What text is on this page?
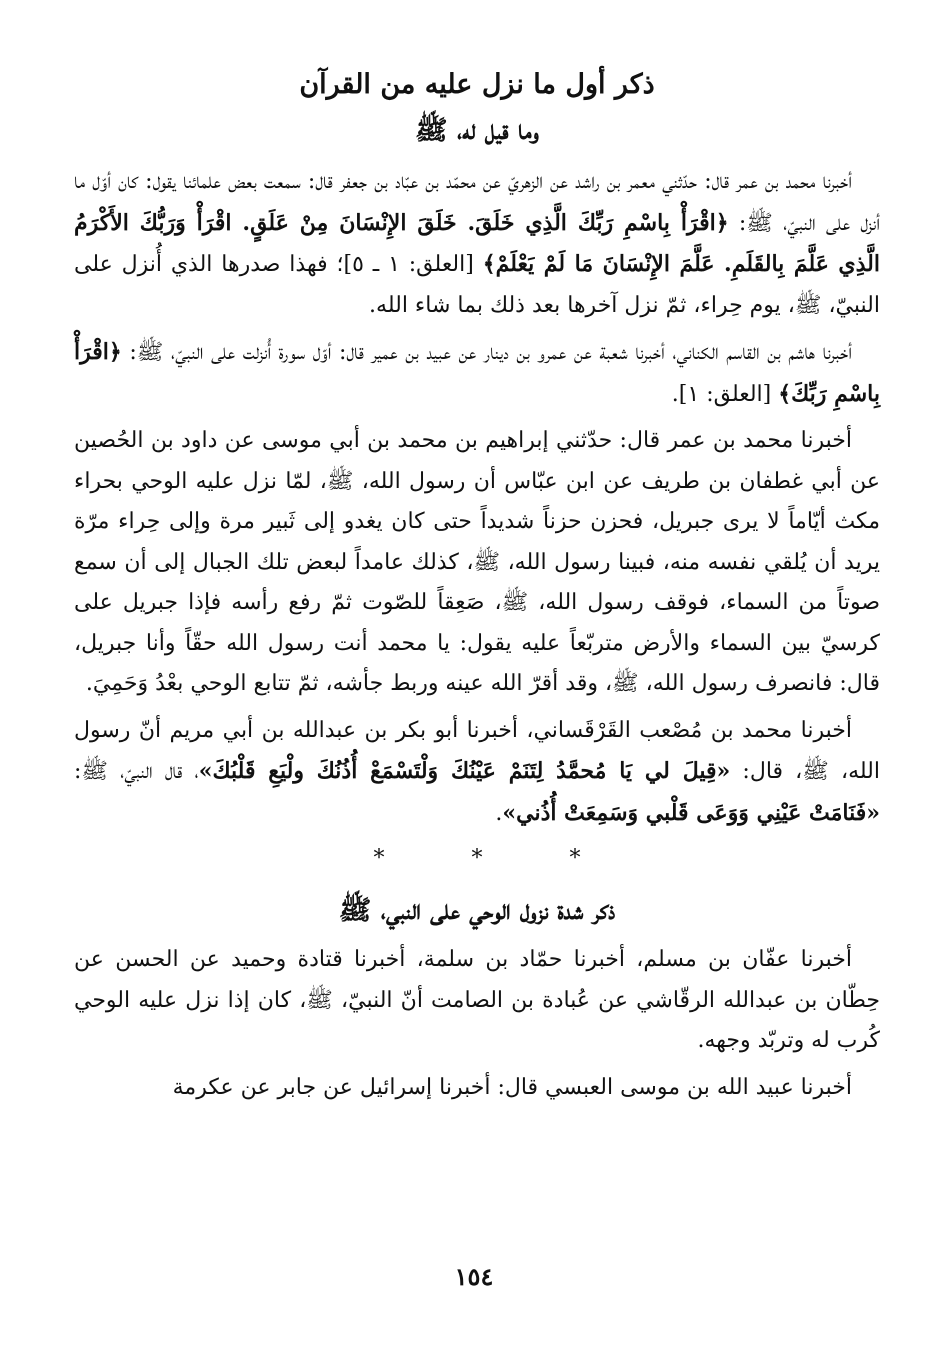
ذكر أول ما نزل عليه من القرآن
وما قيل له، ﷺ

أخبرنا محمد بن عمر قال: حدّثني معمر بن راشد عن الزهريّ عن محمّد بن عبّاد بن جعفر قال: سمعت بعض علمائنا يقول: كان أوّل ما أنزل على النبيّ، ﷺ: ﴿اقْرَأْ بِاسْمِ رَبِّكَ الَّذِي خَلَقَ. خَلَقَ الإِنْسَانَ مِنْ عَلَقٍ. اقْرَأْ وَرَبُّكَ الأَكْرَمُ الَّذِي عَلَّمَ بِالقَلَمِ. عَلَّمَ الإِنْسَانَ مَا لَمْ يَعْلَمْ﴾ [العلق: ١ ـ ٥]؛ فهذا صدرها الذي أُنزل على النبيّ، ﷺ، يوم حِراء، ثمّ نزل آخرها بعد ذلك بما شاء الله.

أخبرنا هاشم بن القاسم الكناني، أخبرنا شعبة عن عمرو بن دينار عن عبيد بن عمير قال: أوّل سورة أُنزلت على النبيّ، ﷺ: ﴿اقْرَأْ بِاسْمِ رَبِّكَ﴾ [العلق: ١].

أخبرنا محمد بن عمر قال: حدّثني إبراهيم بن محمد بن أبي موسى عن داود بن الحُصين عن أبي غطفان بن طريف عن ابن عبّاس أن رسول الله، ﷺ، لمّا نزل عليه الوحي بحراء مكث أيّاماً لا يرى جبريل، فحزن حزناً شديداً حتى كان يغدو إلى ثَبير مرة وإلى حِراء مرّة يريد أن يُلقي نفسه منه، فبينا رسول الله، ﷺ، كذلك عامداً لبعض تلك الجبال إلى أن سمع صوتاً من السماء، فوقف رسول الله، ﷺ، صَعِقاً للصّوت ثمّ رفع رأسه فإذا جبريل على كرسيّ بين السماء والأرض متربّعاً عليه يقول: يا محمد أنت رسول الله حقّاً وأنا جبريل، قال: فانصرف رسول الله، ﷺ، وقد أقرّ الله عينه وربط جأشه، ثمّ تتابع الوحي بعْدُ وَحَمِيَ.

أخبرنا محمد بن مُصْعب القَرْقَساني، أخبرنا أبو بكر بن عبدالله بن أبي مريم أنّ رسول الله، ﷺ، قال: «قِيلَ لي يَا مُحمَّدُ لِتَنَمْ عَيْنُكَ وَلْتَسْمَعْ أُذُنُكَ ولْيَعِ قَلْبُكَ»، قال النبيّ، ﷺ: «فَنَامَتْ عَيْنِي وَوَعَى قَلْبي وَسَمِعَتْ أُذُني».

* * *

ذكر شدة نزول الوحي على النبي، ﷺ

أخبرنا عفّان بن مسلم، أخبرنا حمّاد بن سلمة، أخبرنا قتادة وحميد عن الحسن عن حِطّان بن عبدالله الرقّاشي عن عُبادة بن الصامت أنّ النبيّ، ﷺ، كان إذا نزل عليه الوحي كُرب له وتربّد وجهه.

أخبرنا عبيد الله بن موسى العبسي قال: أخبرنا إسرائيل عن جابر عن عكرمة

١٥٤
